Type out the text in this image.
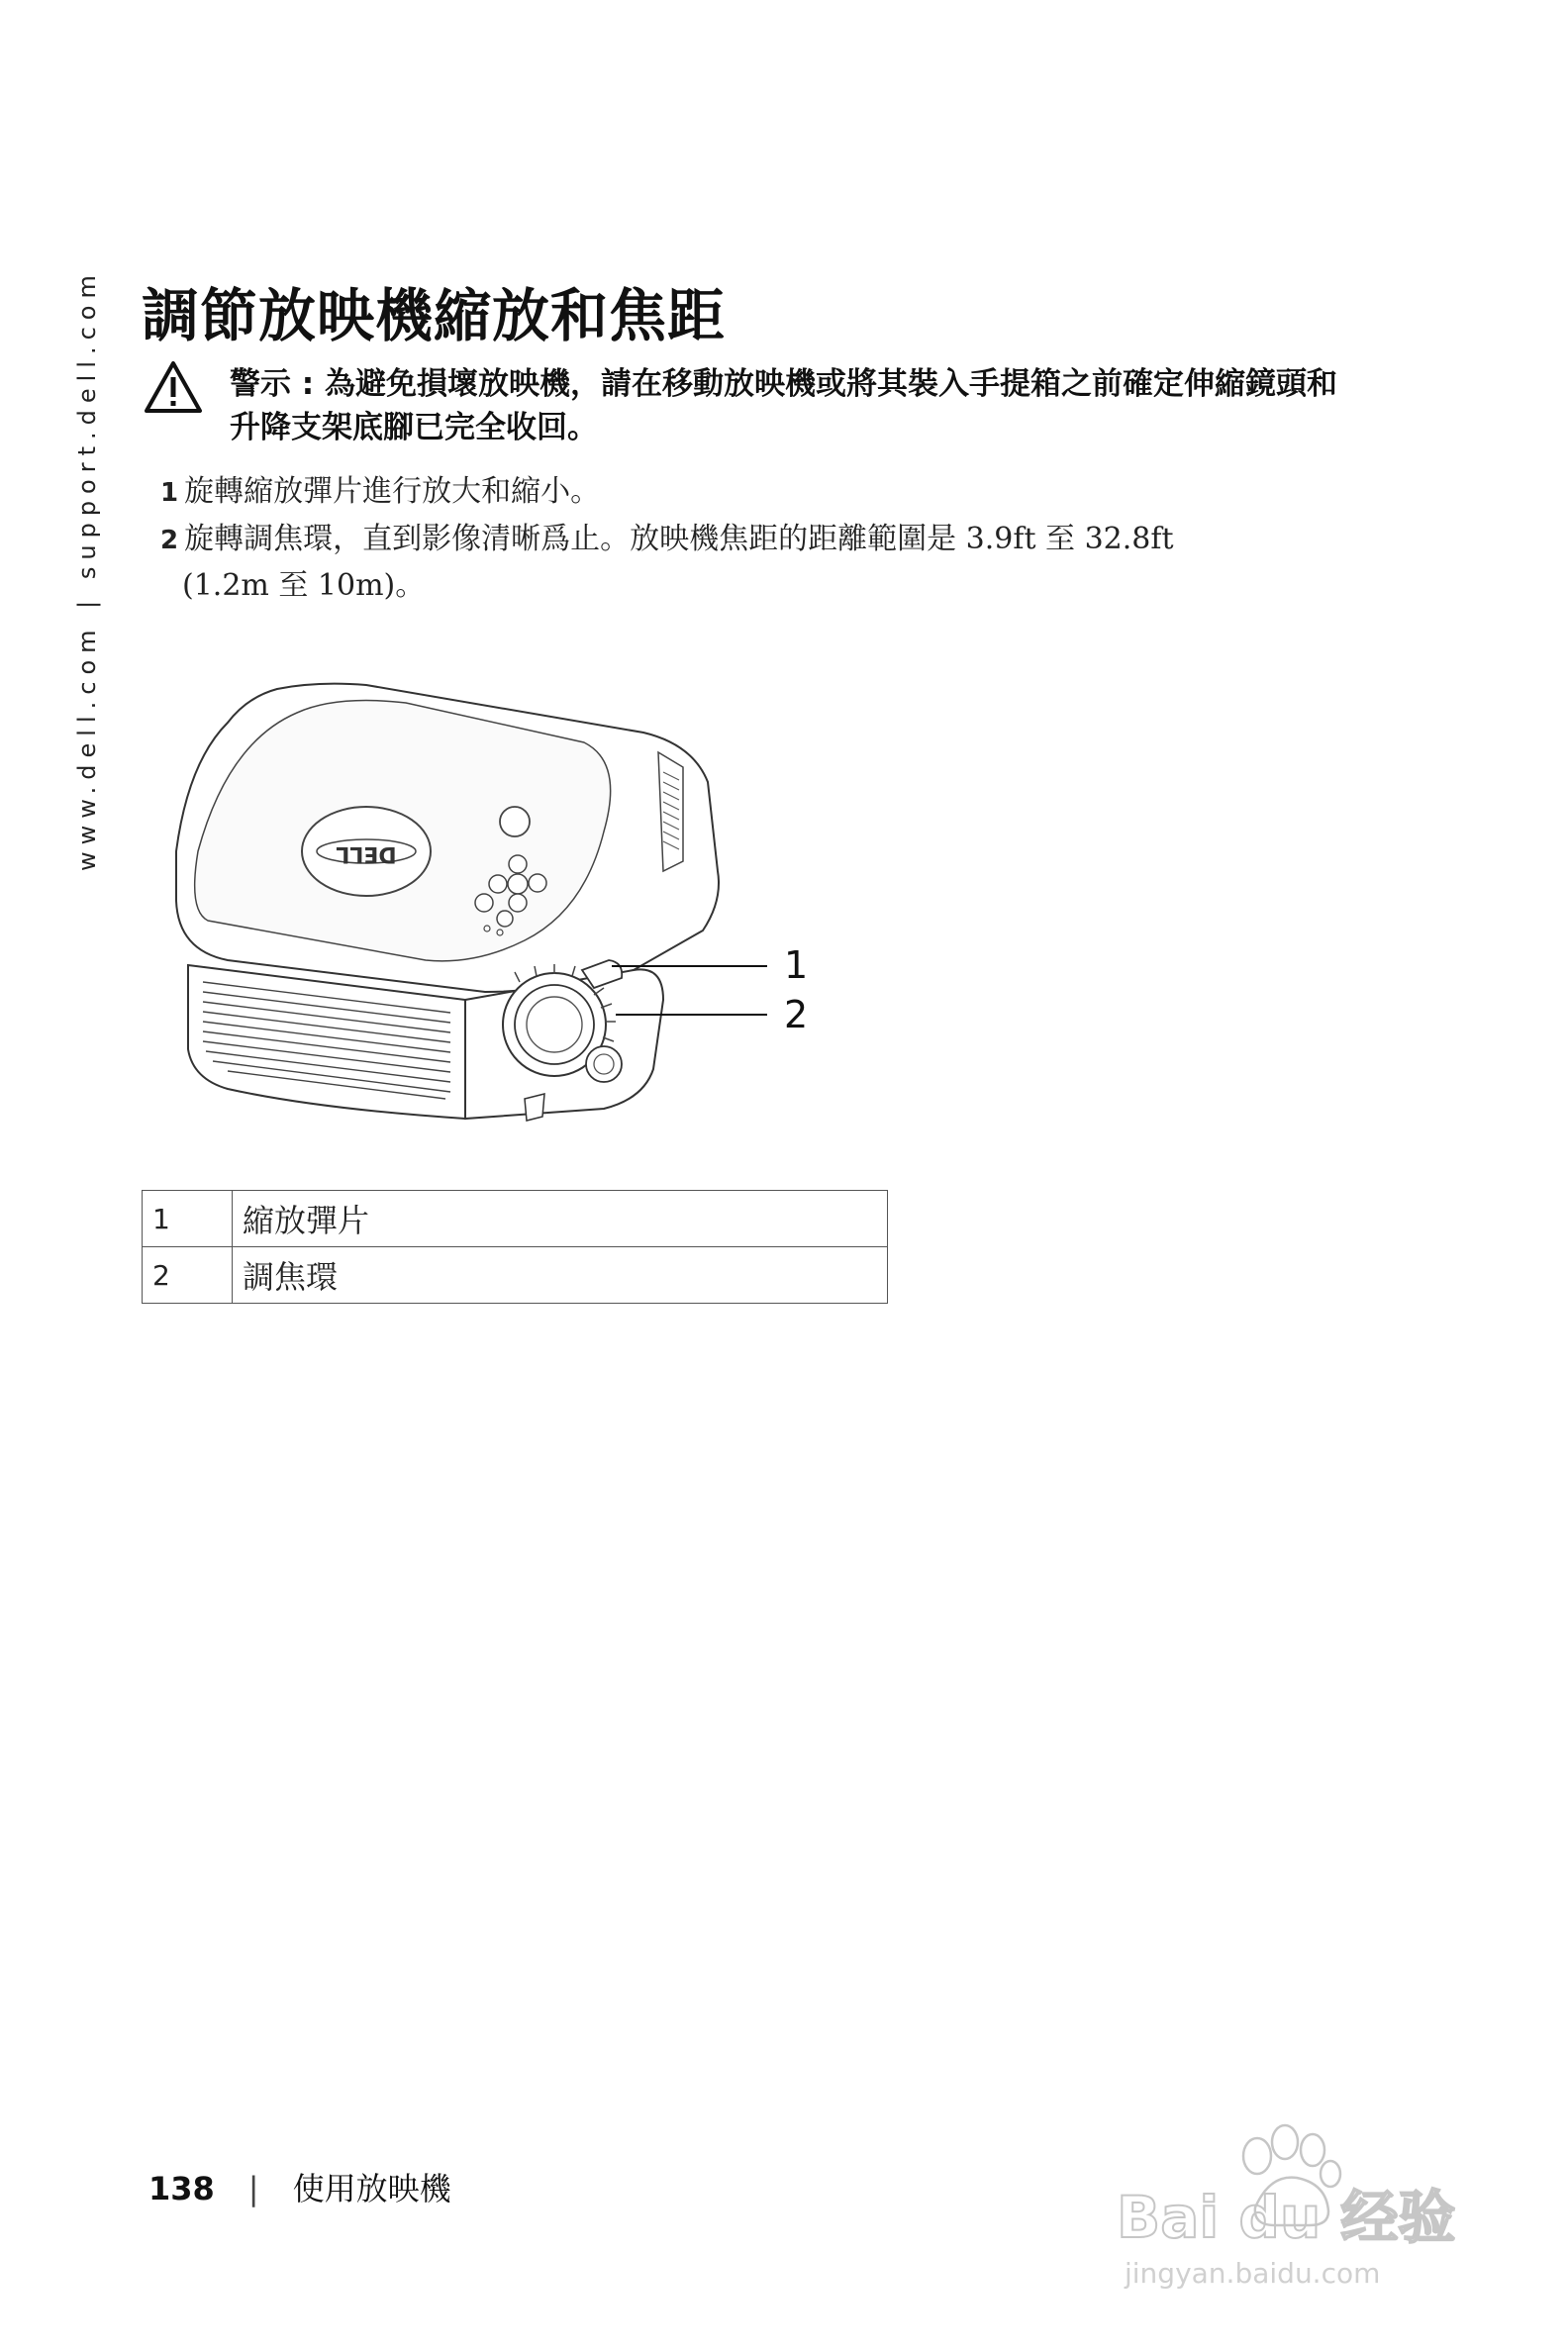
www.dell.com | support.dell.com 調節放映機縮放和焦距
警示 : 為避免損壞放映機，請在移動放映機或將其裝入手提箱之前確定伸縮鏡頭和升降支架底腳已完全收回。
1 旋轉縮放彈片進行放大和縮小。
2 旋轉調焦環，直到影像清晰爲止。放映機焦距的距離範圍是 3.9ft 至 32.8ft
(1.2m 至 10m)。
DELL
1
2
1	縮放彈片
2	調焦環
138 | 使用放映機	Bai du 经验
jingyan.baidu.com
